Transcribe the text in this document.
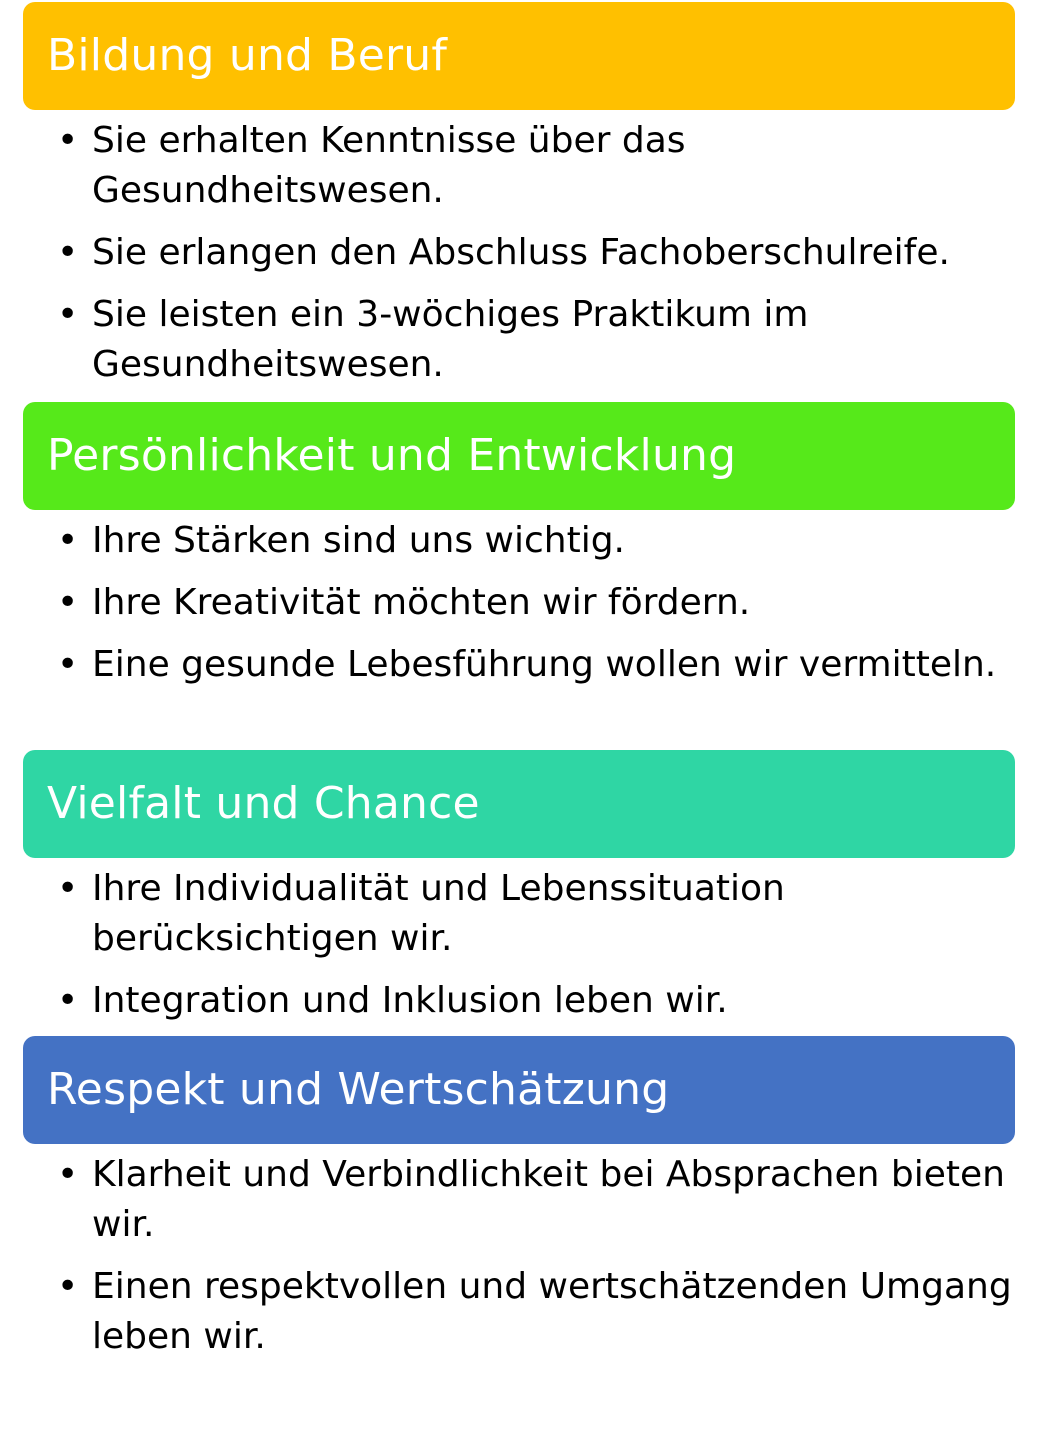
Bildung und Beruf
• Sie erhalten Kenntnisse über das Gesundheitswesen.
• Sie erlangen den Abschluss Fachoberschulreife.
• Sie leisten ein 3-wöchiges Praktikum im Gesundheitswesen.
Persönlichkeit und Entwicklung
• Ihre Stärken sind uns wichtig.
• Ihre Kreativität möchten wir fördern.
• Eine gesunde Lebesführung wollen wir vermitteln.
Vielfalt und Chance
• Ihre Individualität und Lebenssituation berücksichtigen wir.
• Integration und Inklusion leben wir.
Respekt und Wertschätzung
• Klarheit und Verbindlichkeit bei Absprachen bieten wir.
• Einen respektvollen und wertschätzenden Umgang leben wir.
